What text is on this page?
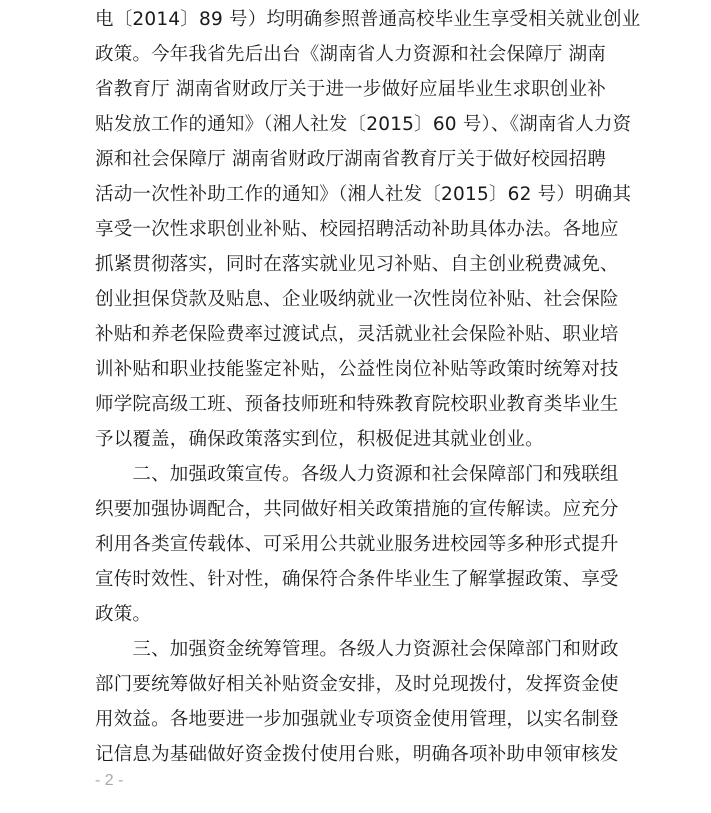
电〔2014〕89 号）均明确参照普通高校毕业生享受相关就业创业
政策。今年我省先后出台《湖南省人力资源和社会保障厅 湖南
省教育厅 湖南省财政厅关于进一步做好应届毕业生求职创业补
贴发放工作的通知》（湘人社发〔2015〕60 号）、《湖南省人力资
源和社会保障厅 湖南省财政厅湖南省教育厅关于做好校园招聘
活动一次性补助工作的通知》（湘人社发〔2015〕62 号）明确其
享受一次性求职创业补贴、校园招聘活动补助具体办法。各地应
抓紧贯彻落实，同时在落实就业见习补贴、自主创业税费减免、
创业担保贷款及贴息、企业吸纳就业一次性岗位补贴、社会保险
补贴和养老保险费率过渡试点，灵活就业社会保险补贴、职业培
训补贴和职业技能鉴定补贴，公益性岗位补贴等政策时统筹对技
师学院高级工班、预备技师班和特殊教育院校职业教育类毕业生
予以覆盖，确保政策落实到位，积极促进其就业创业。
　　二、加强政策宣传。各级人力资源和社会保障部门和残联组
织要加强协调配合，共同做好相关政策措施的宣传解读。应充分
利用各类宣传载体、可采用公共就业服务进校园等多种形式提升
宣传时效性、针对性，确保符合条件毕业生了解掌握政策、享受
政策。
　　三、加强资金统筹管理。各级人力资源社会保障部门和财政
部门要统筹做好相关补贴资金安排，及时兑现拨付，发挥资金使
用效益。各地要进一步加强就业专项资金使用管理，以实名制登
记信息为基础做好资金拨付使用台账，明确各项补助申领审核发
- 2 -
